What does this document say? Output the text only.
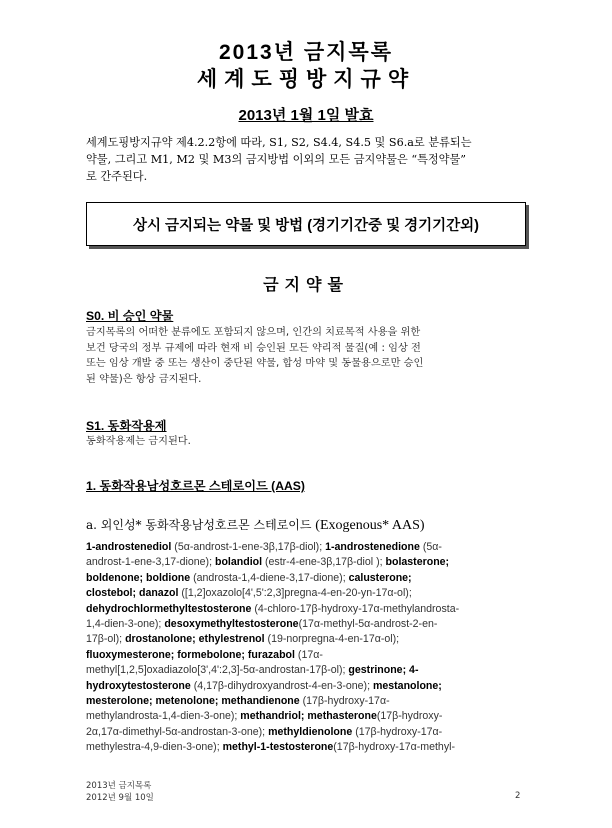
2013년 금지목록
세계도핑방지규약
2013년 1월 1일 발효
세계도핑방지규약 제4.2.2항에 따라, S1, S2, S4.4, S4.5 및 S6.a로 분류되는
약물, 그리고 M1, M2 및 M3의 금지방법 이외의 모든 금지약물은 “특정약물”
로 간주된다.
상시 금지되는 약물 및 방법 (경기기간중 및 경기기간외)
금지약물
S0. 비 승인 약물
금지목록의 어떠한 분류에도 포함되지 않으며, 인간의 치료목적 사용을 위한
보건 당국의 정부 규제에 따라 현재 비 승인된 모든 약리적 물질(예 : 임상 전
또는 임상 개발 중 또는 생산이 중단된 약물, 합성 마약 및 동물용으로만 승인
된 약물)은 항상 금지된다.
S1. 동화작용제
동화작용제는 금지된다.
1. 동화작용남성호르몬 스테로이드 (AAS)
a. 외인성* 동화작용남성호르몬 스테로이드 (Exogenous* AAS)
1-androstenediol (5α-androst-1-ene-3β,17β-diol); 1-androstenedione (5α-
androst-1-ene-3,17-dione); bolandiol (estr-4-ene-3β,17β-diol ); bolasterone;
boldenone; boldione (androsta-1,4-diene-3,17-dione); calusterone;
clostebol; danazol ([1,2]oxazolo[4',5':2,3]pregna-4-en-20-yn-17α-ol);
dehydrochlormethyltestosterone (4-chloro-17β-hydroxy-17α-methylandrosta-
1,4-dien-3-one); desoxymethyltestosterone(17α-methyl-5α-androst-2-en-
17β-ol); drostanolone; ethylestrenol (19-norpregna-4-en-17α-ol);
fluoxymesterone; formebolone; furazabol (17α-
methyl[1,2,5]oxadiazolo[3',4':2,3]-5α-androstan-17β-ol); gestrinone; 4-
hydroxytestosterone (4,17β-dihydroxyandrost-4-en-3-one); mestanolone;
mesterolone; metenolone; methandienone (17β-hydroxy-17α-
methylandrosta-1,4-dien-3-one); methandriol; methasterone(17β-hydroxy-
2α,17α-dimethyl-5α-androstan-3-one); methyldienolone (17β-hydroxy-17α-
methylestra-4,9-dien-3-one); methyl-1-testosterone(17β-hydroxy-17α-methyl-
2013년 금지목록
2012년 9월 10일	2
